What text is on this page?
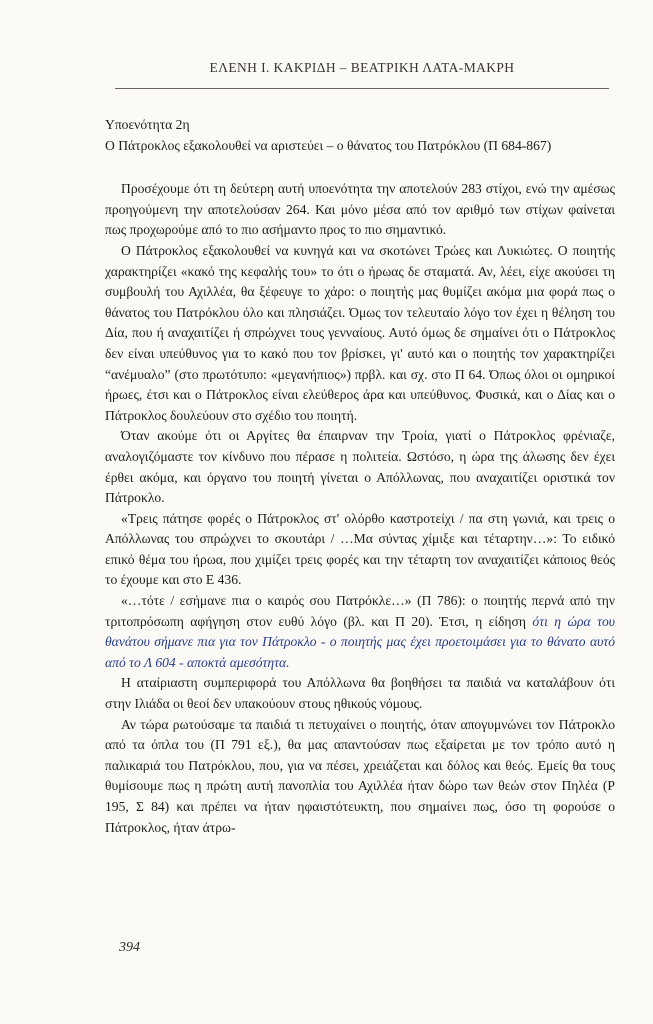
ΕΛΕΝΗ Ι. ΚΑΚΡΙΔΗ – ΒΕΑΤΡΙΚΗ ΛΑΤΑ-ΜΑΚΡΗ

Υποενότητα 2η

Ο Πάτροκλος εξακολουθεί να αριστεύει – ο θάνατος του Πατρόκλου (Π 684-867)

Προσέχουμε ότι τη δεύτερη αυτή υποενότητα την αποτελούν 283 στίχοι, ενώ την αμέσως προηγούμενη την αποτελούσαν 264. Και μόνο μέσα από τον αριθμό των στίχων φαίνεται πως προχωρούμε από το πιο ασήμαντο προς το πιο σημαντικό.

Ο Πάτροκλος εξακολουθεί να κυνηγά και να σκοτώνει Τρώες και Λυκιώτες. Ο ποιητής χαρακτηρίζει «κακό της κεφαλής του» το ότι ο ήρωας δε σταματά. Αν, λέει, είχε ακούσει τη συμβουλή του Αχιλλέα, θα ξέφευγε το χάρο: ο ποιητής μας θυμίζει ακόμα μια φορά πως ο θάνατος του Πατρόκλου όλο και πλησιάζει. Όμως τον τελευταίο λόγο τον έχει η θέληση του Δία, που ή αναχαιτίζει ή σπρώχνει τους γενναίους. Αυτό όμως δε σημαίνει ότι ο Πάτροκλος δεν είναι υπεύθυνος για το κακό που τον βρίσκει, γι' αυτό και ο ποιητής τον χαρακτηρίζει “ανέμυαλο” (στο πρωτότυπο: «μεγανήπιος») πρβλ. και σχ. στο Π 64. Όπως όλοι οι ομηρικοί ήρωες, έτσι και ο Πάτροκλος είναι ελεύθερος άρα και υπεύθυνος. Φυσικά, και ο Δίας και ο Πάτροκλος δουλεύουν στο σχέδιο του ποιητή.

Όταν ακούμε ότι οι Αργίτες θα έπαιρναν την Τροία, γιατί ο Πάτροκλος φρένιαζε, αναλογιζόμαστε τον κίνδυνο που πέρασε η πολιτεία. Ωστόσο, η ώρα της άλωσης δεν έχει έρθει ακόμα, και όργανο του ποιητή γίνεται ο Απόλλωνας, που αναχαιτίζει οριστικά τον Πάτροκλο.

«Τρεις πάτησε φορές ο Πάτροκλος στ' ολόρθο καστροτείχι / πα στη γωνιά, και τρεις ο Απόλλωνας του σπρώχνει το σκουτάρι / …Μα σύντας χίμιξε και τέταρτην…»: Το ειδικό επικό θέμα του ήρωα, που χιμίζει τρεις φορές και την τέταρτη τον αναχαιτίζει κάποιος θεός το έχουμε και στο Ε 436.

«…τότε / εσήμανε πια ο καιρός σου Πατρόκλε…» (Π 786): ο ποιητής περνά από την τριτοπρόσωπη αφήγηση στον ευθύ λόγο (βλ. και Π 20). Έτσι, η είδηση ότι η ώρα του θανάτου σήμανε πια για τον Πάτροκλο - ο ποιητής μας έχει προετοιμάσει για το θάνατο αυτό από το Λ 604 - αποκτά αμεσότητα.

Η αταίριαστη συμπεριφορά του Απόλλωνα θα βοηθήσει τα παιδιά να καταλάβουν ότι στην Ιλιάδα οι θεοί δεν υπακούουν στους ηθικούς νόμους.

Αν τώρα ρωτούσαμε τα παιδιά τι πετυχαίνει ο ποιητής, όταν απογυμνώνει τον Πάτροκλο από τα όπλα του (Π 791 εξ.), θα μας απαντούσαν πως εξαίρεται με τον τρόπο αυτό η παλικαριά του Πατρόκλου, που, για να πέσει, χρειάζεται και δόλος και θεός. Εμείς θα τους θυμίσουμε πως η πρώτη αυτή πανοπλία του Αχιλλέα ήταν δώρο των θεών στον Πηλέα (Ρ 195, Σ 84) και πρέπει να ήταν ηφαιστότευκτη, που σημαίνει πως, όσο τη φορούσε ο Πάτροκλος, ήταν άτρω-

394
